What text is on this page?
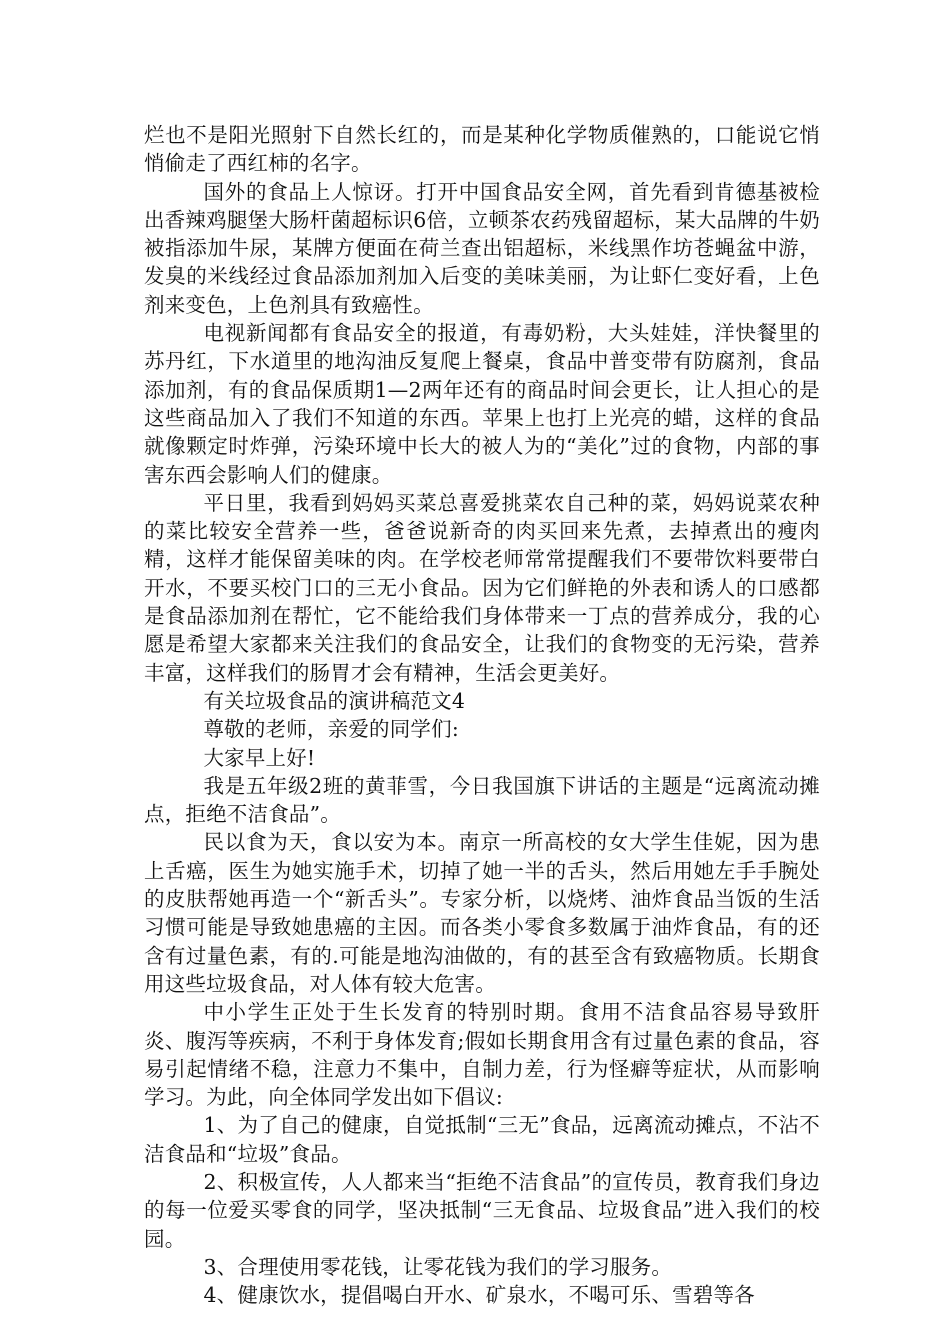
烂也不是阳光照射下自然长红的，而是某种化学物质催熟的，口能说它悄悄偷走了西红柿的名字。

国外的食品上人惊讶。打开中国食品安全网，首先看到肯德基被检出香辣鸡腿堡大肠杆菌超标识6倍，立顿茶农药残留超标，某大品牌的牛奶被指添加牛尿，某牌方便面在荷兰查出铝超标，米线黑作坊苍蝇盆中游，发臭的米线经过食品添加剂加入后变的美味美丽，为让虾仁变好看，上色剂来变色，上色剂具有致癌性。

电视新闻都有食品安全的报道，有毒奶粉，大头娃娃，洋快餐里的苏丹红，下水道里的地沟油反复爬上餐桌，食品中普变带有防腐剂，食品添加剂，有的食品保质期1—2两年还有的商品时间会更长，让人担心的是这些商品加入了我们不知道的东西。苹果上也打上光亮的蜡，这样的食品就像颗定时炸弹，污染环境中长大的被人为的“美化”过的食物，内部的事害东西会影响人们的健康。

平日里，我看到妈妈买菜总喜爱挑菜农自己种的菜，妈妈说菜农种的菜比较安全营养一些，爸爸说新奇的肉买回来先煮，去掉煮出的瘦肉精，这样才能保留美味的肉。在学校老师常常提醒我们不要带饮料要带白开水，不要买校门口的三无小食品。因为它们鲜艳的外表和诱人的口感都是食品添加剂在帮忙，它不能给我们身体带来一丁点的营养成分，我的心愿是希望大家都来关注我们的食品安全，让我们的食物变的无污染，营养丰富，这样我们的肠胃才会有精神，生活会更美好。

有关垃圾食品的演讲稿范文4

尊敬的老师，亲爱的同学们:

大家早上好!

我是五年级2班的黄菲雪，今日我国旗下讲话的主题是“远离流动摊点，拒绝不洁食品”。

民以食为天，食以安为本。南京一所高校的女大学生佳妮，因为患上舌癌，医生为她实施手术，切掉了她一半的舌头，然后用她左手手腕处的皮肤帮她再造一个“新舌头”。专家分析，以烧烤、油炸食品当饭的生活习惯可能是导致她患癌的主因。而各类小零食多数属于油炸食品，有的还含有过量色素，有的.可能是地沟油做的，有的甚至含有致癌物质。长期食用这些垃圾食品，对人体有较大危害。

中小学生正处于生长发育的特别时期。食用不洁食品容易导致肝炎、腹泻等疾病，不利于身体发育;假如长期食用含有过量色素的食品，容易引起情绪不稳，注意力不集中，自制力差，行为怪癖等症状，从而影响学习。为此，向全体同学发出如下倡议:

1、为了自己的健康，自觉抵制“三无”食品，远离流动摊点，不沾不洁食品和“垃圾”食品。

2、积极宣传，人人都来当“拒绝不洁食品”的宣传员，教育我们身边的每一位爱买零食的同学，坚决抵制“三无食品、垃圾食品”进入我们的校园。

3、合理使用零花钱，让零花钱为我们的学习服务。

4、健康饮水，提倡喝白开水、矿泉水，不喝可乐、雪碧等各
